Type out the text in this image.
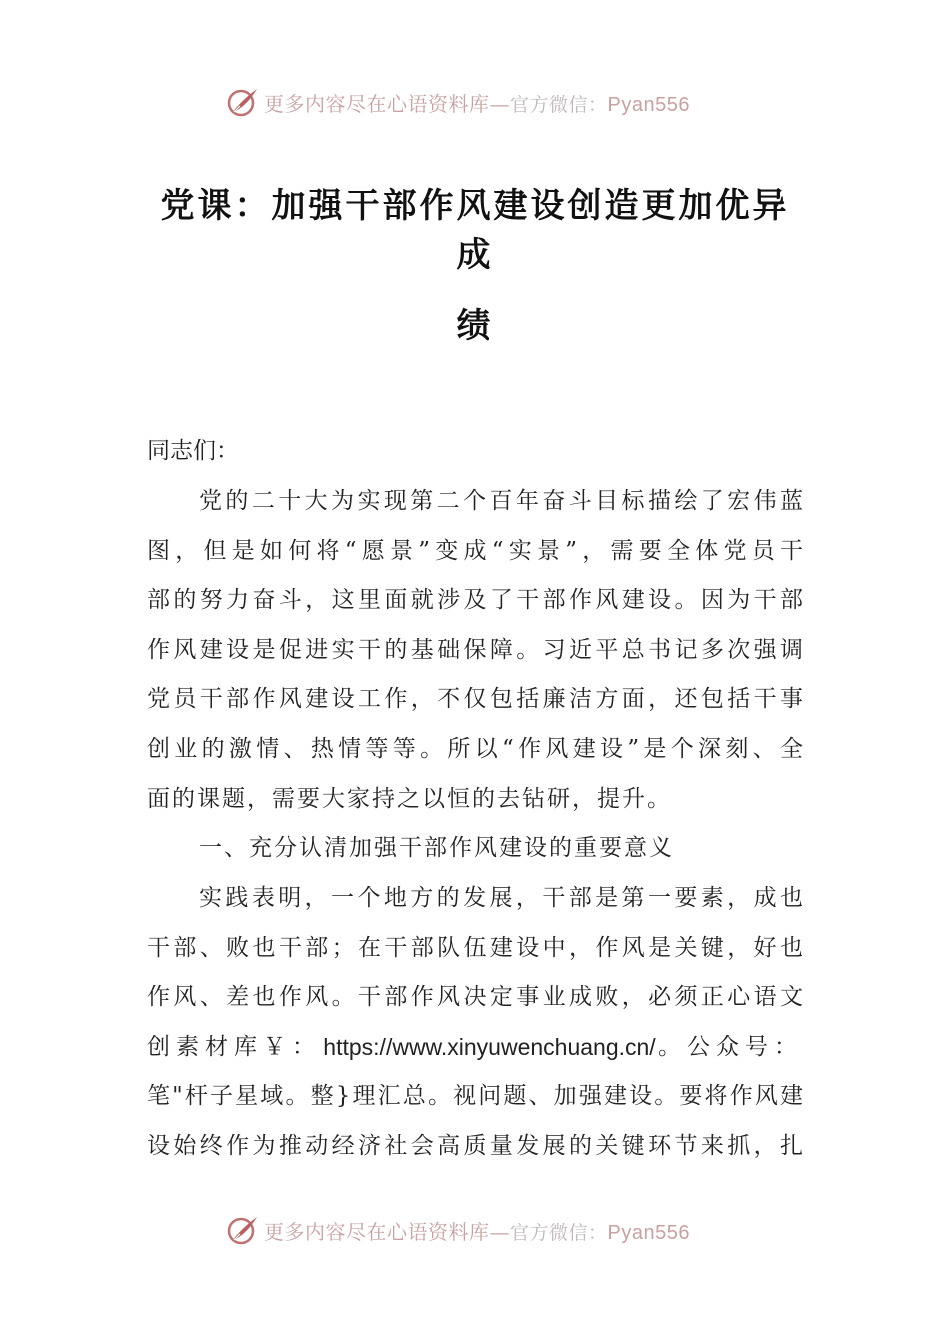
更多内容尽在心语资料库—官方微信：Pyan556
党课：加强干部作风建设创造更加优异成
绩
同志们：
党的二十大为实现第二个百年奋斗目标描绘了宏伟蓝
图，但是如何将“愿景”变成“实景”，需要全体党员干
部的努力奋斗，这里面就涉及了干部作风建设。因为干部
作风建设是促进实干的基础保障。习近平总书记多次强调
党员干部作风建设工作，不仅包括廉洁方面，还包括干事
创业的激情、热情等等。所以“作风建设”是个深刻、全
面的课题，需要大家持之以恒的去钻研，提升。
一、充分认清加强干部作风建设的重要意义
实践表明，一个地方的发展，干部是第一要素，成也
干部、败也干部；在干部队伍建设中，作风是关键，好也
作风、差也作风。干部作风决定事业成败，必须正心语文
创素材库￥： https://www.xinyuwenchuang.cn/ 。公众号：
笔"杆子星域。整}理汇总。视问题、加强建设。要将作风建
设始终作为推动经济社会高质量发展的关键环节来抓，扎
更多内容尽在心语资料库—官方微信：Pyan556
